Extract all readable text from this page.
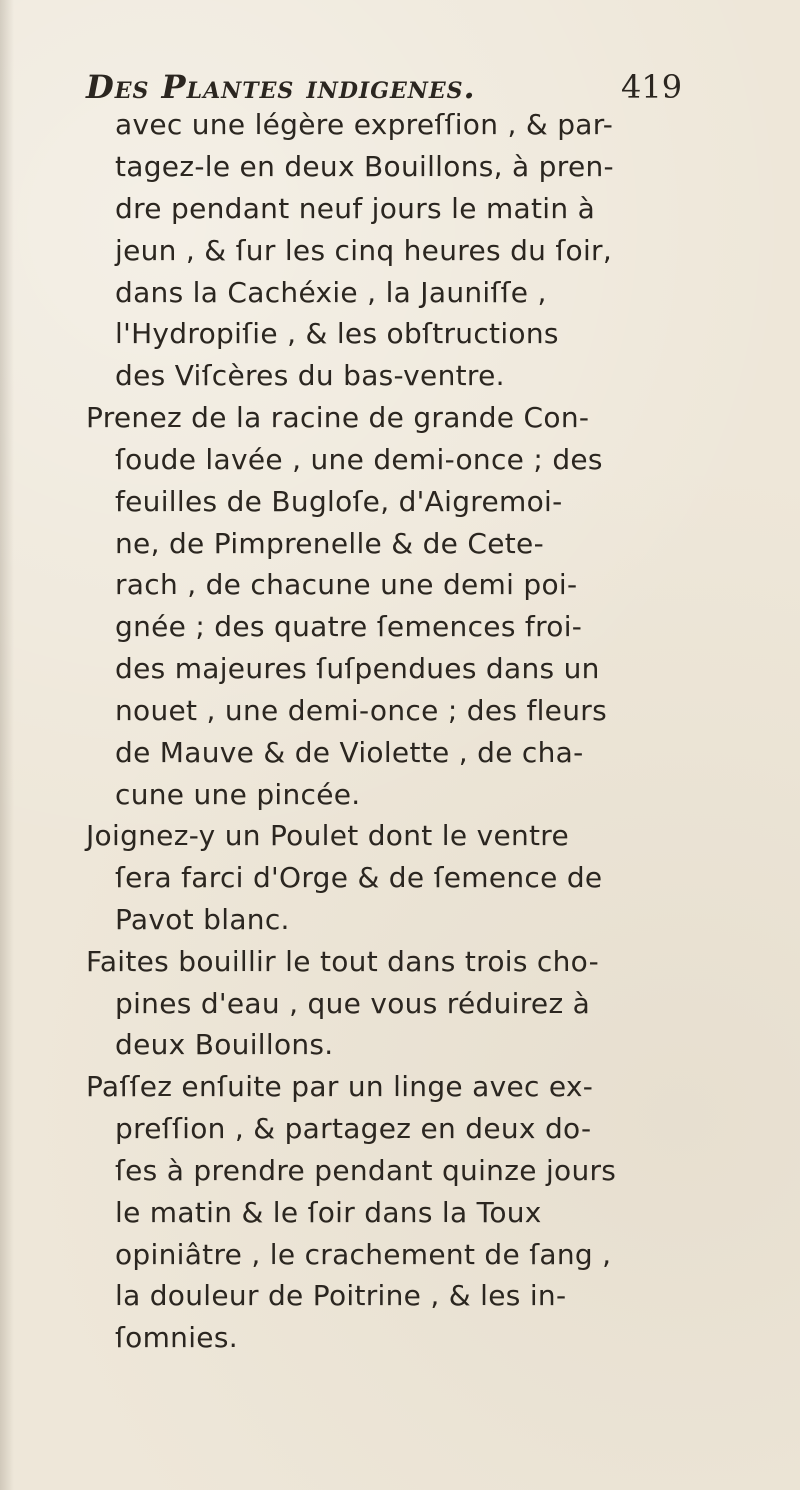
Des Plantes indigenes.	419
avec une légère expreſſion , & par-
tagez-le en deux Bouillons, à pren-
dre pendant neuf jours le matin à
jeun , & ſur les cinq heures du ſoir,
dans la Cachéxie , la Jauniſſe ,
l'Hydropiſie , & les obſtructions
des Viſcères du bas-ventre.
Prenez de la racine de grande Con-
ſoude lavée , une demi-once ; des
feuilles de Bugloſe, d'Aigremoi-
ne, de Pimprenelle & de Cete-
rach , de chacune une demi poi-
gnée ; des quatre ſemences froi-
des majeures ſuſpendues dans un
nouet , une demi-once ; des fleurs
de Mauve & de Violette , de cha-
cune une pincée.
Joignez-y un Poulet dont le ventre
ſera farci d'Orge & de ſemence de
Pavot blanc.
Faites bouillir le tout dans trois cho-
pines d'eau , que vous réduirez à
deux Bouillons.
Paſſez enſuite par un linge avec ex-
preſſion , & partagez en deux do-
ſes à prendre pendant quinze jours
le matin & le ſoir dans la Toux
opiniâtre , le crachement de ſang ,
la douleur de Poitrine , & les in-
ſomnies.
